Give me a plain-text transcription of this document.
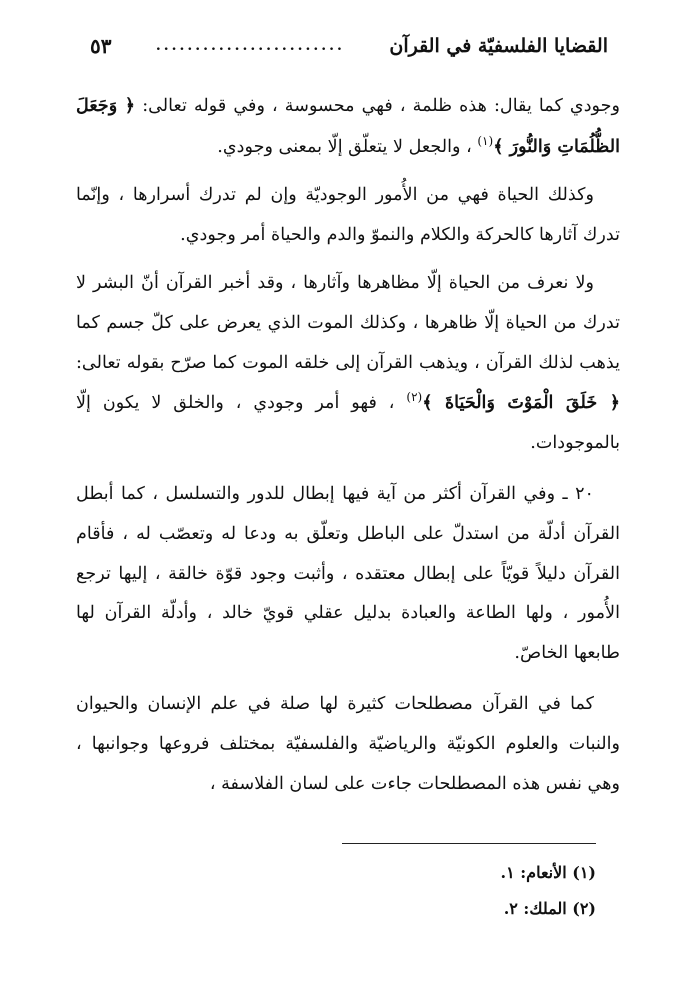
القضايا الفلسفيّة في القرآن
........................
٥٣

وجودي كما يقال: هذه ظلمة ، فهي محسوسة ، وفي قوله تعالى: ﴿ وَجَعَلَ الظُّلُمَاتِ وَالنُّورَ ﴾$^{(١)}$ ، والجعل لا يتعلّق إلّا بمعنى وجودي.

وكذلك الحياة فهي من الأُمور الوجوديّة وإن لم تدرك أسرارها ، وإنّما تدرك آثارها كالحركة والكلام والنموّ والدم والحياة أمر وجودي.

ولا نعرف من الحياة إلّا مظاهرها وآثارها ، وقد أخبر القرآن أنّ البشر لا تدرك من الحياة إلّا ظاهرها ، وكذلك الموت الذي يعرض على كلّ جسم كما يذهب لذلك القرآن ، ويذهب القرآن إلى خلقه الموت كما صرّح بقوله تعالى: ﴿ خَلَقَ الْمَوْتَ وَالْحَيَاةَ ﴾$^{(٢)}$ ، فهو أمر وجودي ، والخلق لا يكون إلّا بالموجودات.

٢٠ ـ وفي القرآن أكثر من آية فيها إبطال للدور والتسلسل ، كما أبطل القرآن أدلّة من استدلّ على الباطل وتعلّق به ودعا له وتعصّب له ، فأقام القرآن دليلاً قويّاً على إبطال معتقده ، وأثبت وجود قوّة خالقة ، إليها ترجع الأُمور ، ولها الطاعة والعبادة بدليل عقلي قويّ خالد ، وأدلّة القرآن لها طابعها الخاصّ.

كما في القرآن مصطلحات كثيرة لها صلة في علم الإنسان والحيوان والنبات والعلوم الكونيّة والرياضيّة والفلسفيّة بمختلف فروعها وجوانبها ، وهي نفس هذه المصطلحات جاءت على لسان الفلاسفة ،

(١) الأنعام: ١.
(٢) الملك: ٢.
